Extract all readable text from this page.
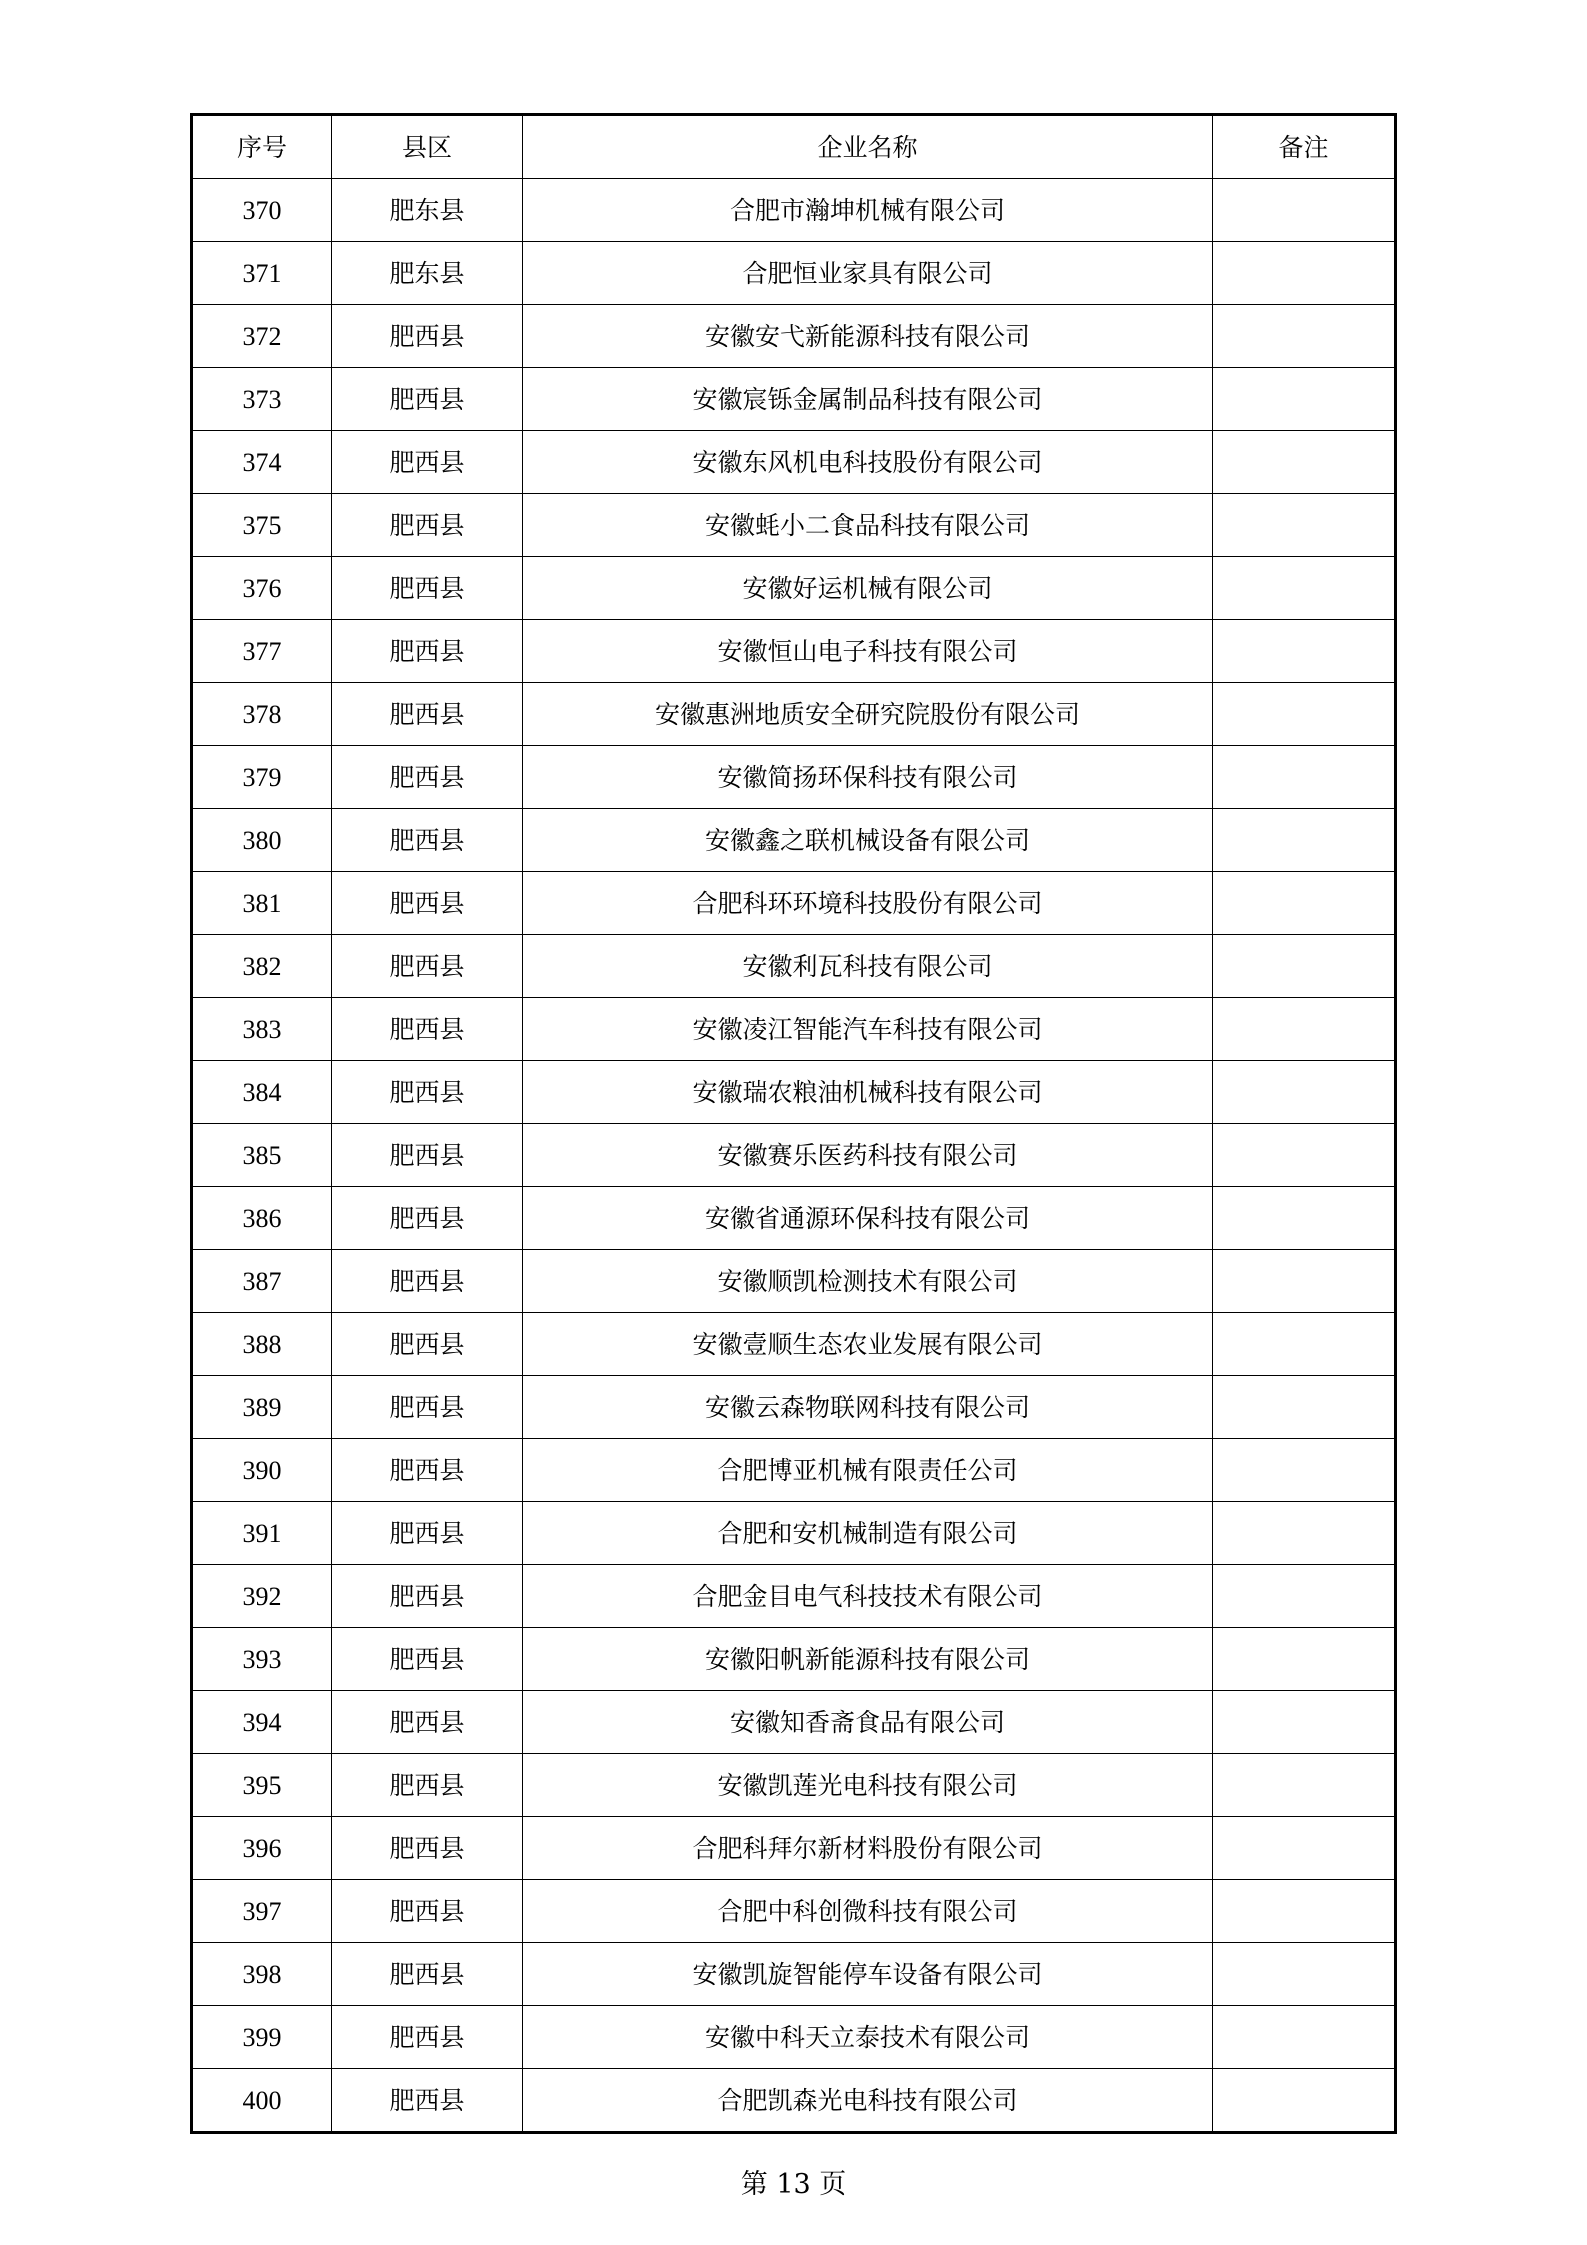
序号	县区	企业名称	备注
370	肥东县	合肥市瀚坤机械有限公司	
371	肥东县	合肥恒业家具有限公司	
372	肥西县	安徽安弋新能源科技有限公司	
373	肥西县	安徽宸铄金属制品科技有限公司	
374	肥西县	安徽东风机电科技股份有限公司	
375	肥西县	安徽蚝小二食品科技有限公司	
376	肥西县	安徽好运机械有限公司	
377	肥西县	安徽恒山电子科技有限公司	
378	肥西县	安徽惠洲地质安全研究院股份有限公司	
379	肥西县	安徽简扬环保科技有限公司	
380	肥西县	安徽鑫之联机械设备有限公司	
381	肥西县	合肥科环环境科技股份有限公司	
382	肥西县	安徽利瓦科技有限公司	
383	肥西县	安徽凌江智能汽车科技有限公司	
384	肥西县	安徽瑞农粮油机械科技有限公司	
385	肥西县	安徽赛乐医药科技有限公司	
386	肥西县	安徽省通源环保科技有限公司	
387	肥西县	安徽顺凯检测技术有限公司	
388	肥西县	安徽壹顺生态农业发展有限公司	
389	肥西县	安徽云森物联网科技有限公司	
390	肥西县	合肥博亚机械有限责任公司	
391	肥西县	合肥和安机械制造有限公司	
392	肥西县	合肥金目电气科技技术有限公司	
393	肥西县	安徽阳帆新能源科技有限公司	
394	肥西县	安徽知香斋食品有限公司	
395	肥西县	安徽凯莲光电科技有限公司	
396	肥西县	合肥科拜尔新材料股份有限公司	
397	肥西县	合肥中科创微科技有限公司	
398	肥西县	安徽凯旋智能停车设备有限公司	
399	肥西县	安徽中科天立泰技术有限公司	
400	肥西县	合肥凯森光电科技有限公司	
第 13 页
